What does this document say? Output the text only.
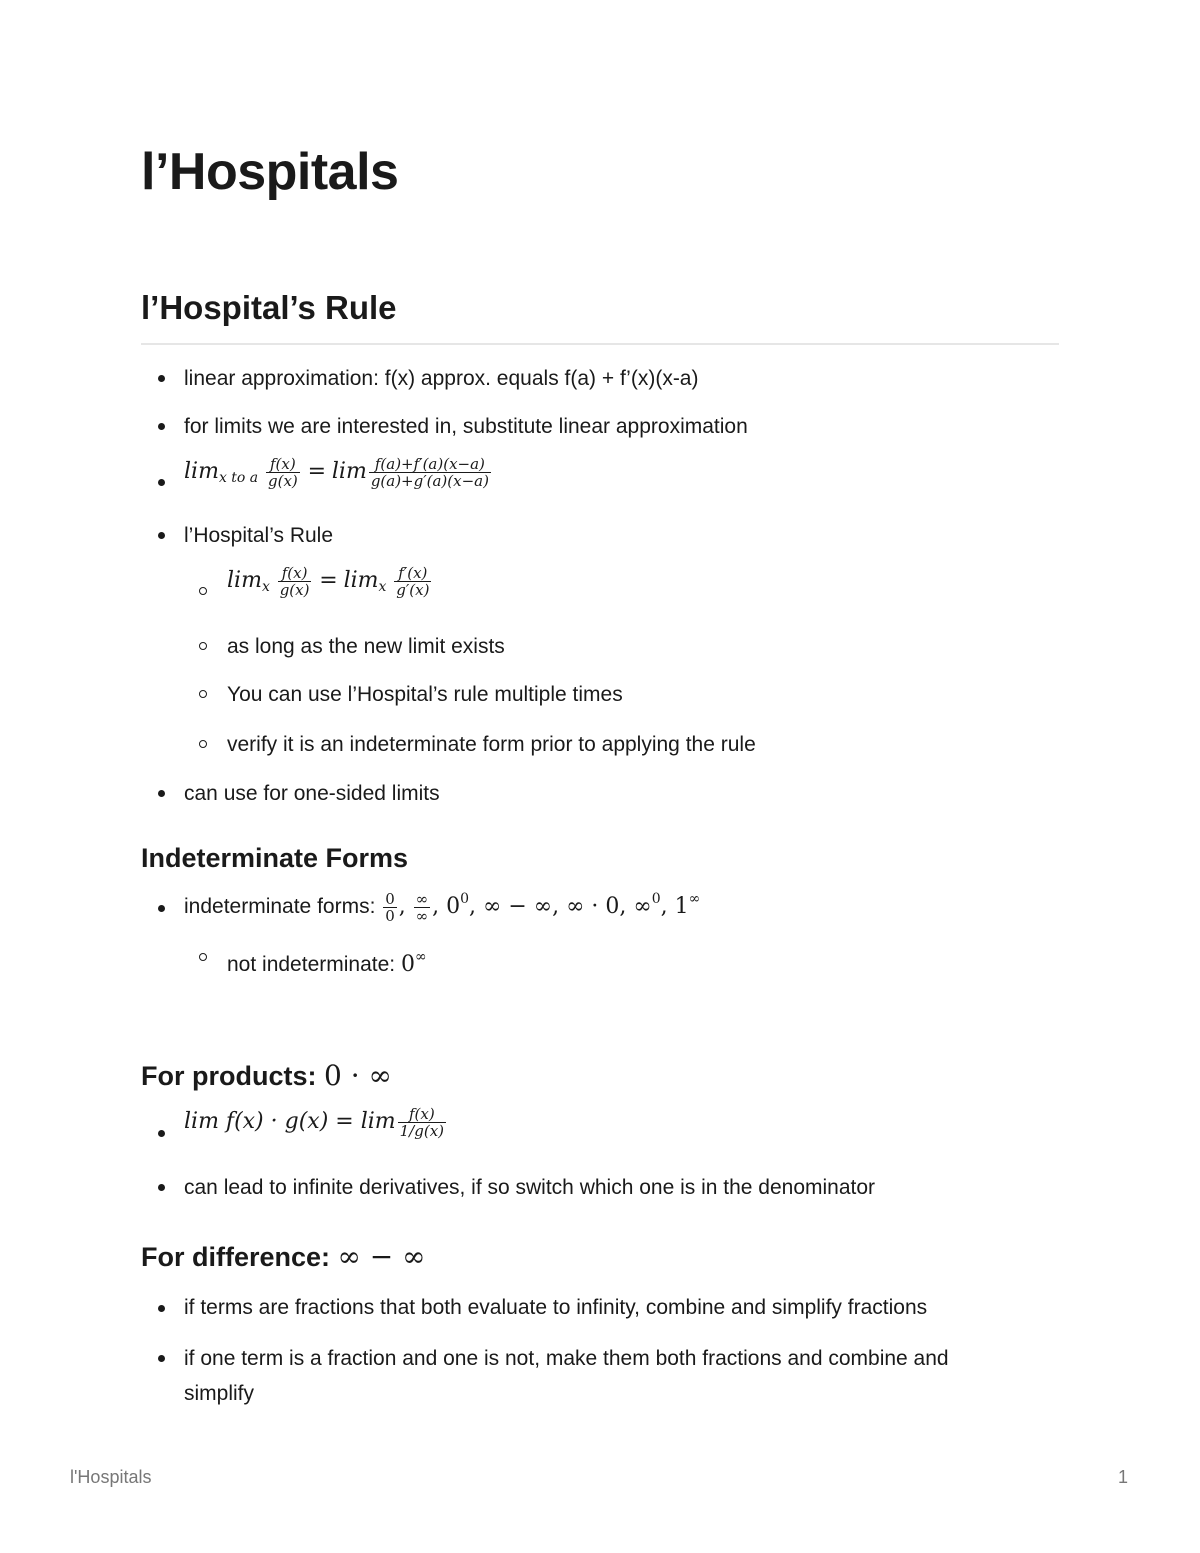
l’Hospitals
l’Hospital’s Rule
linear approximation: f(x) approx. equals f(a) + f’(x)(x-a)
for limits we are interested in, substitute linear approximation
$\lim_{x to a} \frac{f(x)}{g(x)} = \lim \frac{f(a)+f'(a)(x-a)}{g(a)+g'(a)(x-a)}$
l’Hospital’s Rule
$\lim_x \frac{f(x)}{g(x)} = \lim_x \frac{f'(x)}{g'(x)}$
as long as the new limit exists
You can use l’Hospital’s rule multiple times
verify it is an indeterminate form prior to applying the rule
can use for one-sided limits
Indeterminate Forms
indeterminate forms: $\frac{0}{0}$ , $\frac{\infty}{\infty}$ , $0^0$, ∞ − ∞, ∞ · 0, ∞$^0$, 1∞
not indeterminate: 0∞
For products: 0 · ∞
$\lim f(x) \cdot g(x) = \lim \frac{f(x)}{1/g(x)}$
can lead to infinite derivatives, if so switch which one is in the denominator
For difference: ∞ − ∞
if terms are fractions that both evaluate to infinity, combine and simplify fractions
if one term is a fraction and one is not, make them both fractions and combine and
simplify
l'Hospitals	1
